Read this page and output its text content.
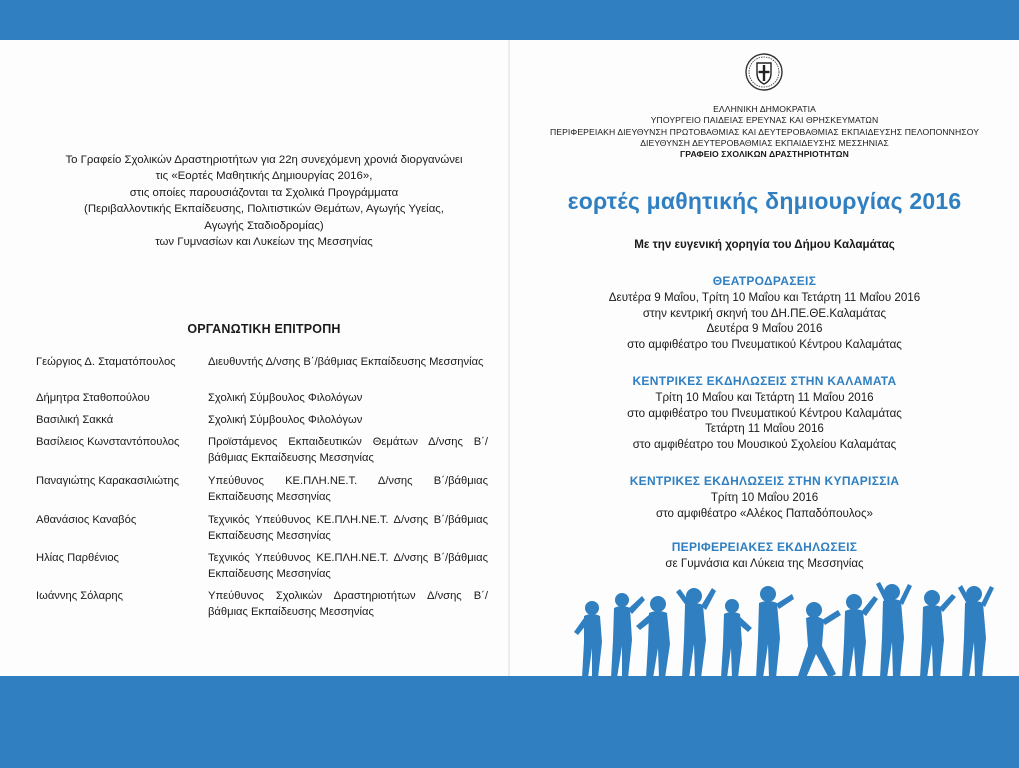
Το Γραφείο Σχολικών Δραστηριοτήτων για 22η συνεχόμενη χρονιά διοργανώνει
τις «Εορτές Μαθητικής Δημιουργίας 2016»,
στις οποίες παρουσιάζονται τα Σχολικά Προγράμματα
(Περιβαλλοντικής Εκπαίδευσης, Πολιτιστικών Θεμάτων, Αγωγής Υγείας,
Αγωγής Σταδιοδρομίας)
των Γυμνασίων και Λυκείων της Μεσσηνίας
ΟΡΓΑΝΩΤΙΚΗ ΕΠΙΤΡΟΠΗ
Γεώργιος Δ. Σταματόπουλος	Διευθυντής Δ/νσης Β΄/βάθμιας Εκπαίδευσης Μεσσηνίας
Δήμητρα Σταθοπούλου	Σχολική Σύμβουλος Φιλολόγων
Βασιλική Σακκά	Σχολική Σύμβουλος Φιλολόγων
Βασίλειος Κωνσταντόπουλος	Προϊστάμενος Εκπαιδευτικών Θεμάτων Δ/νσης Β΄/βάθμιας Εκπαίδευσης Μεσσηνίας
Παναγιώτης Καρακασιλιώτης	Υπεύθυνος ΚΕ.ΠΛΗ.ΝΕ.Τ. Δ/νσης Β΄/βάθμιας Εκπαίδευσης Μεσσηνίας
Αθανάσιος Καναβός	Τεχνικός Υπεύθυνος ΚΕ.ΠΛΗ.ΝΕ.Τ. Δ/νσης Β΄/βάθμιας Εκπαίδευσης Μεσσηνίας
Ηλίας Παρθένιος	Τεχνικός Υπεύθυνος ΚΕ.ΠΛΗ.ΝΕ.Τ. Δ/νσης Β΄/βάθμιας Εκπαίδευσης Μεσσηνίας
Ιωάννης Σόλαρης	Υπεύθυνος Σχολικών Δραστηριοτήτων Δ/νσης Β΄/βάθμιας Εκπαίδευσης Μεσσηνίας
ΕΛΛΗΝΙΚΗ ΔΗΜΟΚΡΑΤΙΑ
ΥΠΟΥΡΓΕΙΟ ΠΑΙΔΕΙΑΣ ΕΡΕΥΝΑΣ ΚΑΙ ΘΡΗΣΚΕΥΜΑΤΩΝ
ΠΕΡΙΦΕΡΕΙΑΚΗ ΔΙΕΥΘΥΝΣΗ ΠΡΩΤΟΒΑΘΜΙΑΣ ΚΑΙ ΔΕΥΤΕΡΟΒΑΘΜΙΑΣ ΕΚΠΑΙΔΕΥΣΗΣ ΠΕΛΟΠΟΝΝΗΣΟΥ
ΔΙΕΥΘΥΝΣΗ ΔΕΥΤΕΡΟΒΑΘΜΙΑΣ ΕΚΠΑΙΔΕΥΣΗΣ ΜΕΣΣΗΝΙΑΣ
ΓΡΑΦΕΙΟ ΣΧΟΛΙΚΩΝ ΔΡΑΣΤΗΡΙΟΤΗΤΩΝ
εορτές μαθητικής δημιουργίας 2016
Με την ευγενική χορηγία του Δήμου Καλαμάτας
ΘΕΑΤΡΟΔΡΑΣΕΙΣ
Δευτέρα 9 Μαΐου, Τρίτη 10 Μαΐου και Τετάρτη 11 Μαΐου 2016
στην κεντρική σκηνή του ΔΗ.ΠΕ.ΘΕ.Καλαμάτας
Δευτέρα 9 Μαΐου 2016
στο αμφιθέατρο του Πνευματικού Κέντρου Καλαμάτας
ΚΕΝΤΡΙΚΕΣ ΕΚΔΗΛΩΣΕΙΣ ΣΤΗΝ ΚΑΛΑΜΑΤΑ
Τρίτη 10 Μαΐου και Τετάρτη 11 Μαΐου 2016
στο αμφιθέατρο του Πνευματικού Κέντρου Καλαμάτας
Τετάρτη 11 Μαΐου 2016
στο αμφιθέατρο του Μουσικού Σχολείου Καλαμάτας
ΚΕΝΤΡΙΚΕΣ ΕΚΔΗΛΩΣΕΙΣ ΣΤΗΝ ΚΥΠΑΡΙΣΣΙΑ
Τρίτη 10 Μαΐου 2016
στο αμφιθέατρο «Αλέκος Παπαδόπουλος»
ΠΕΡΙΦΕΡΕΙΑΚΕΣ ΕΚΔΗΛΩΣΕΙΣ
σε Γυμνάσια και Λύκεια της Μεσσηνίας
